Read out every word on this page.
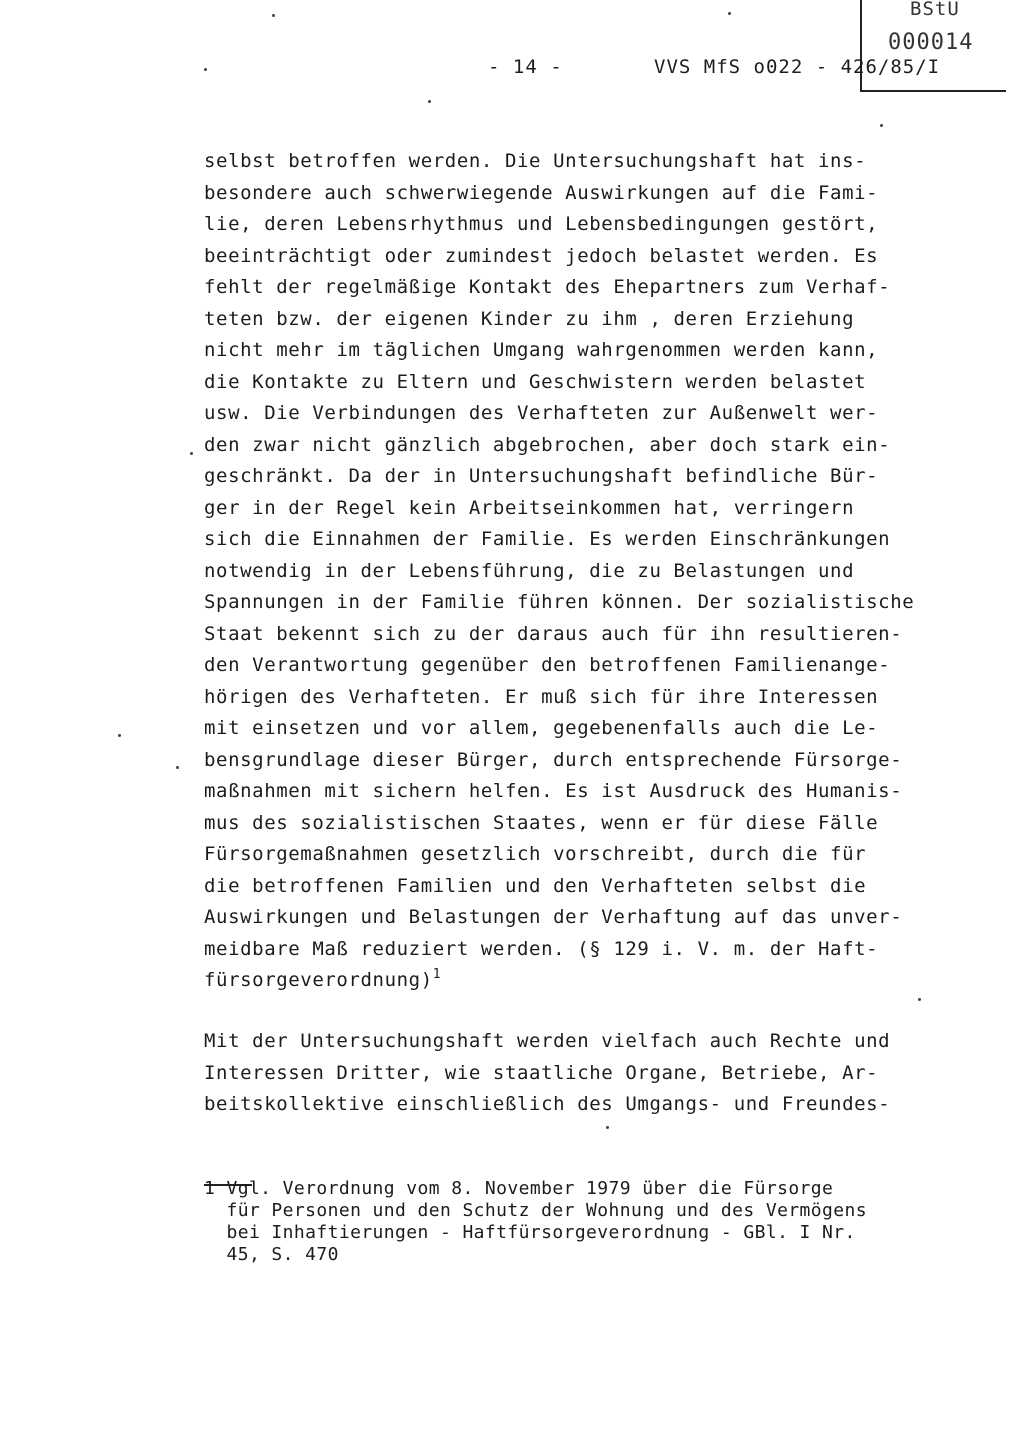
BStU
000014
- 14 -	VVS MfS o022 - 426/85/I
selbst betroffen werden. Die Untersuchungshaft hat ins-
besondere auch schwerwiegende Auswirkungen auf die Fami-
lie, deren Lebensrhythmus und Lebensbedingungen gestört,
beeinträchtigt oder zumindest jedoch belastet werden. Es
fehlt der regelmäßige Kontakt des Ehepartners zum Verhaf-
teten bzw. der eigenen Kinder zu ihm , deren Erziehung
nicht mehr im täglichen Umgang wahrgenommen werden kann,
die Kontakte zu Eltern und Geschwistern werden belastet
usw. Die Verbindungen des Verhafteten zur Außenwelt wer-
den zwar nicht gänzlich abgebrochen, aber doch stark ein-
geschränkt. Da der in Untersuchungshaft befindliche Bür-
ger in der Regel kein Arbeitseinkommen hat, verringern
sich die Einnahmen der Familie. Es werden Einschränkungen
notwendig in der Lebensführung, die zu Belastungen und
Spannungen in der Familie führen können. Der sozialistische
Staat bekennt sich zu der daraus auch für ihn resultieren-
den Verantwortung gegenüber den betroffenen Familienange-
hörigen des Verhafteten. Er muß sich für ihre Interessen
mit einsetzen und vor allem, gegebenenfalls auch die Le-
bensgrundlage dieser Bürger, durch entsprechende Fürsorge-
maßnahmen mit sichern helfen. Es ist Ausdruck des Humanis-
mus des sozialistischen Staates, wenn er für diese Fälle
Fürsorgemaßnahmen gesetzlich vorschreibt, durch die für
die betroffenen Familien und den Verhafteten selbst die
Auswirkungen und Belastungen der Verhaftung auf das unver-
meidbare Maß reduziert werden. (§ 129 i. V. m. der Haft-
fürsorgeverordnung)$^1$
Mit der Untersuchungshaft werden vielfach auch Rechte und
Interessen Dritter, wie staatliche Organe, Betriebe, Ar-
beitskollektive einschließlich des Umgangs- und Freundes-
1 Vgl. Verordnung vom 8. November 1979 über die Fürsorge
für Personen und den Schutz der Wohnung und des Vermögens
bei Inhaftierungen - Haftfürsorgeverordnung - GBl. I Nr.
45, S. 470
